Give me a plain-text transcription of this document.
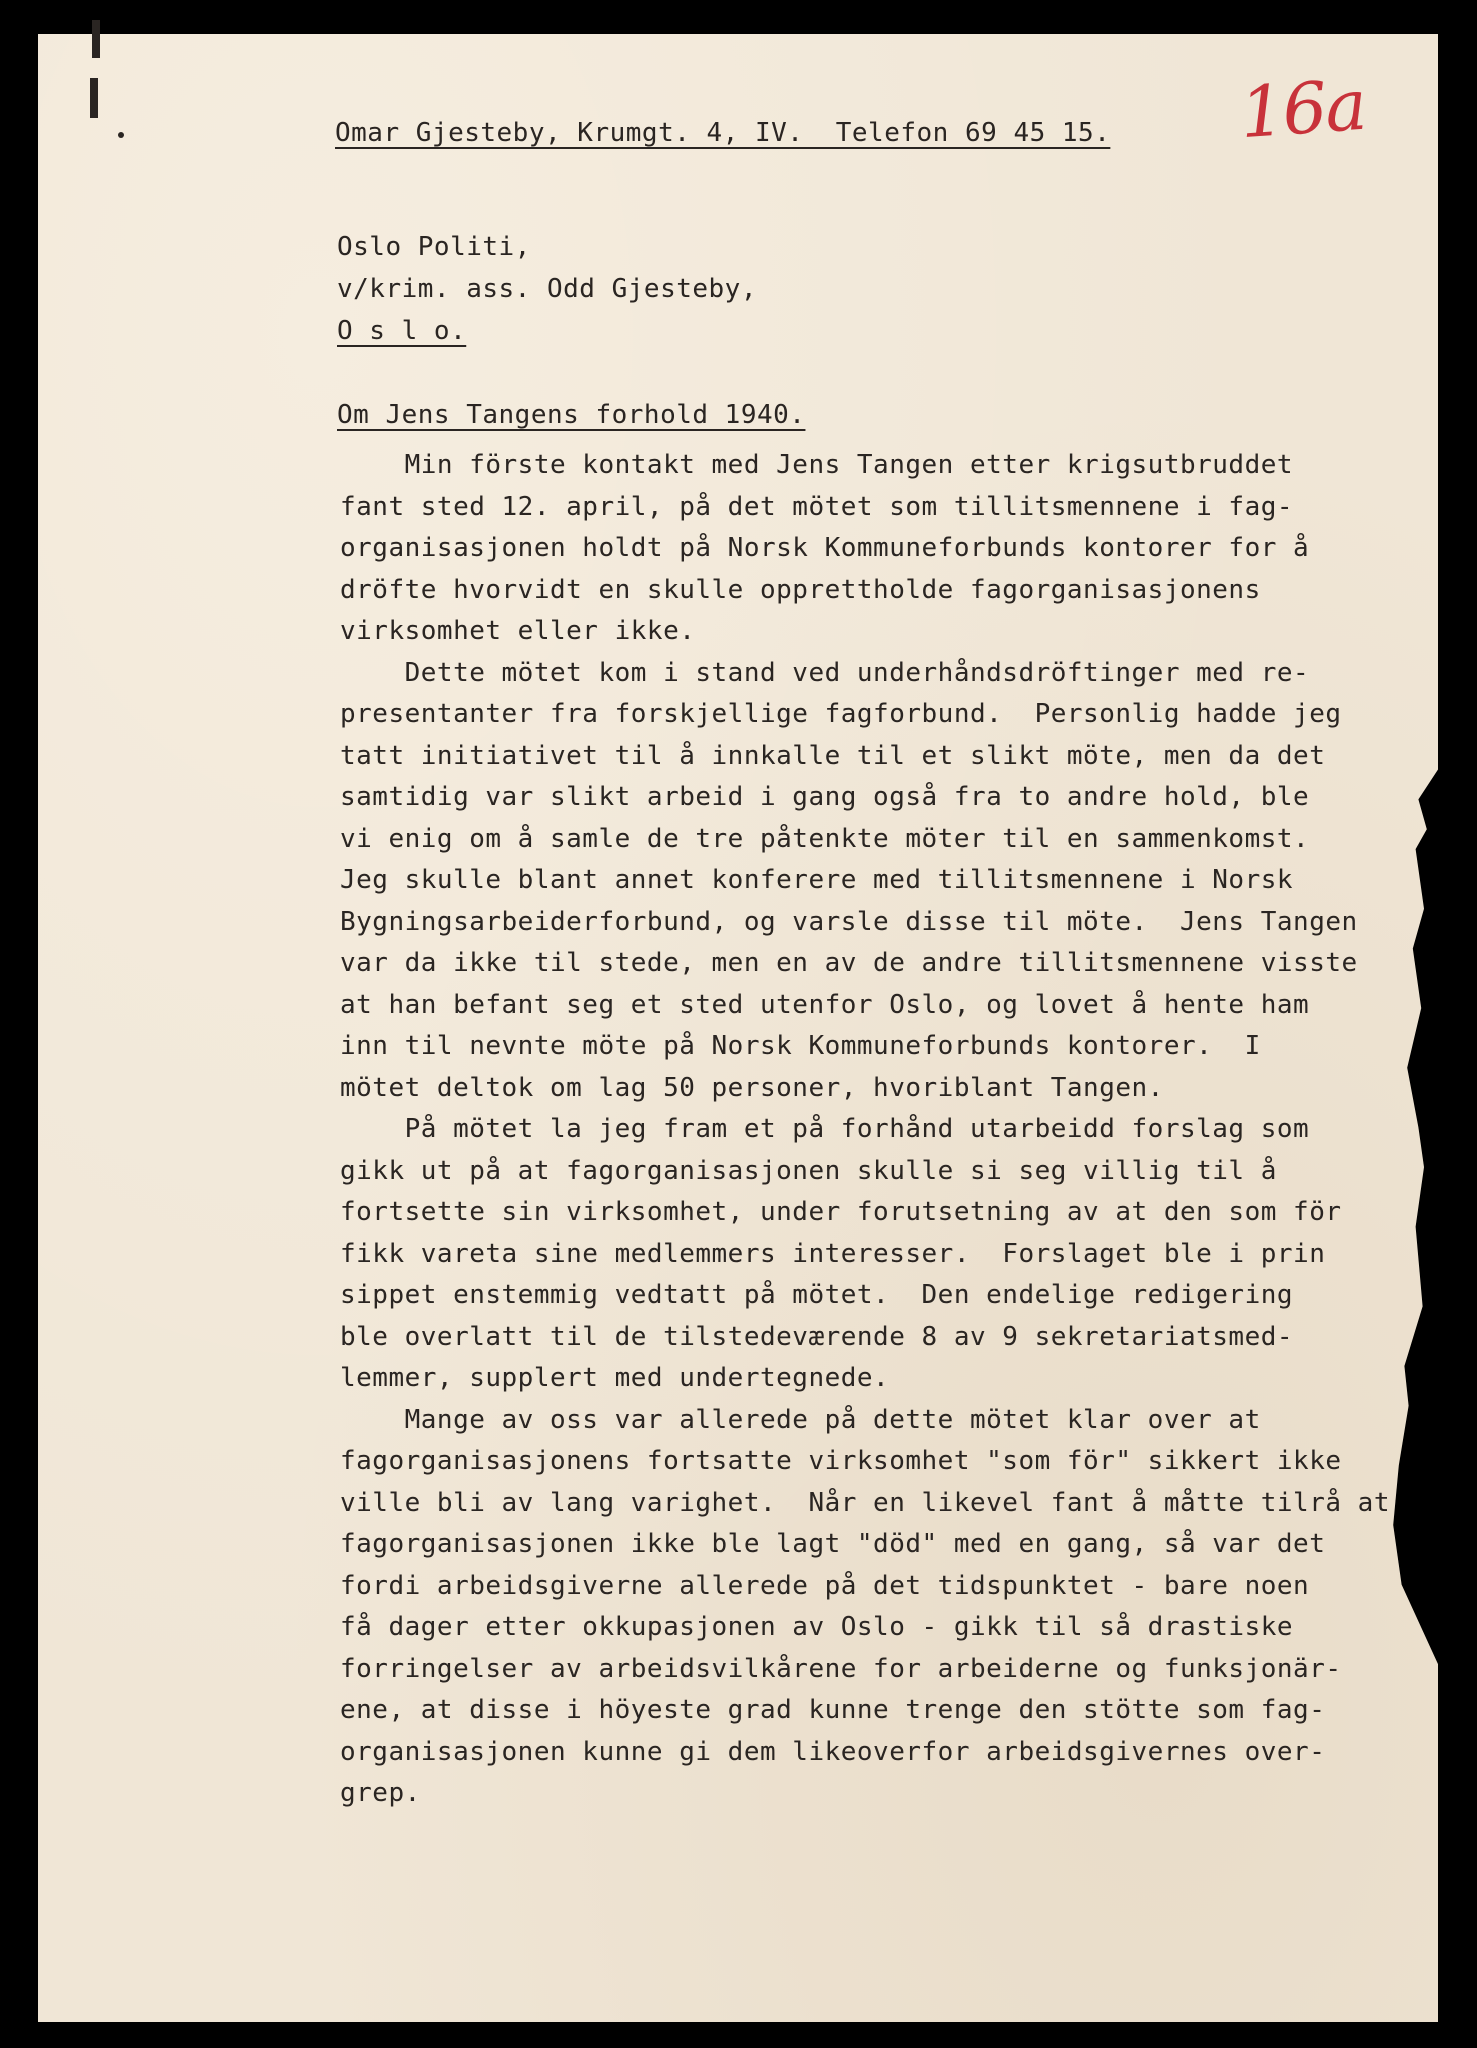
Omar Gjesteby, Krumgt. 4, IV.  Telefon 69 45 15. 16a
Oslo Politi,
v/krim. ass. Odd Gjesteby,
O s l o.
Om Jens Tangens forhold 1940.
Min förste kontakt med Jens Tangen etter krigsutbruddet
fant sted 12. april, på det mötet som tillitsmennene i fag-
organisasjonen holdt på Norsk Kommuneforbunds kontorer for å
dröfte hvorvidt en skulle opprettholde fagorganisasjonens
virksomhet eller ikke.
Dette mötet kom i stand ved underhåndsdröftinger med re-
presentanter fra forskjellige fagforbund.  Personlig hadde jeg
tatt initiativet til å innkalle til et slikt möte, men da det
samtidig var slikt arbeid i gang også fra to andre hold, ble
vi enig om å samle de tre påtenkte möter til en sammenkomst.
Jeg skulle blant annet konferere med tillitsmennene i Norsk
Bygningsarbeiderforbund, og varsle disse til möte.  Jens Tangen
var da ikke til stede, men en av de andre tillitsmennene visste
at han befant seg et sted utenfor Oslo, og lovet å hente ham
inn til nevnte möte på Norsk Kommuneforbunds kontorer.  I
mötet deltok om lag 50 personer, hvoriblant Tangen.
På mötet la jeg fram et på forhånd utarbeidd forslag som
gikk ut på at fagorganisasjonen skulle si seg villig til å
fortsette sin virksomhet, under forutsetning av at den som för
fikk vareta sine medlemmers interesser.  Forslaget ble i prin
sippet enstemmig vedtatt på mötet.  Den endelige redigering
ble overlatt til de tilstedeværende 8 av 9 sekretariatsmed-
lemmer, supplert med undertegnede.
Mange av oss var allerede på dette mötet klar over at
fagorganisasjonens fortsatte virksomhet "som för" sikkert ikke
ville bli av lang varighet.  Når en likevel fant å måtte tilrå at
fagorganisasjonen ikke ble lagt "död" med en gang, så var det
fordi arbeidsgiverne allerede på det tidspunktet - bare noen
få dager etter okkupasjonen av Oslo - gikk til så drastiske
forringelser av arbeidsvilkårene for arbeiderne og funksjonär-
ene, at disse i höyeste grad kunne trenge den stötte som fag-
organisasjonen kunne gi dem likeoverfor arbeidsgivernes over-
grep.
